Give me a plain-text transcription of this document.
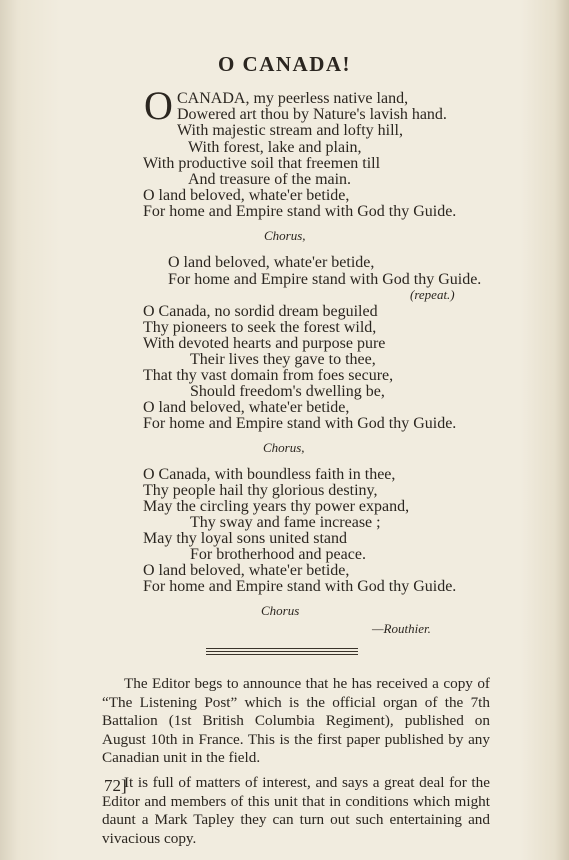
O CANADA!
O CANADA, my peerless native land,
Dowered art thou by Nature's lavish hand.
With majestic stream and lofty hill,
With forest, lake and plain,
With productive soil that freemen till
And treasure of the main.
O land beloved, whate'er betide,
For home and Empire stand with God thy Guide.
Chorus,
O land beloved, whate'er betide,
For home and Empire stand with God thy Guide.
(repeat.)
O Canada, no sordid dream beguiled
Thy pioneers to seek the forest wild,
With devoted hearts and purpose pure
Their lives they gave to thee,
That thy vast domain from foes secure,
Should freedom's dwelling be,
O land beloved, whate'er betide,
For home and Empire stand with God thy Guide.
Chorus,
O Canada, with boundless faith in thee,
Thy people hail thy glorious destiny,
May the circling years thy power expand,
Thy sway and fame increase ;
May thy loyal sons united stand
For brotherhood and peace.
O land beloved, whate'er betide,
For home and Empire stand with God thy Guide.
Chorus
—Routhier.

The Editor begs to announce that he has received a copy of “The Listening Post” which is the official organ of the 7th Battalion (1st British Columbia Regiment), published on August 10th in France. This is the first paper published by any Canadian unit in the field.

It is full of matters of interest, and says a great deal for the Editor and members of this unit that in conditions which might daunt a Mark Tapley they can turn out such entertaining and vivacious copy.

72]
